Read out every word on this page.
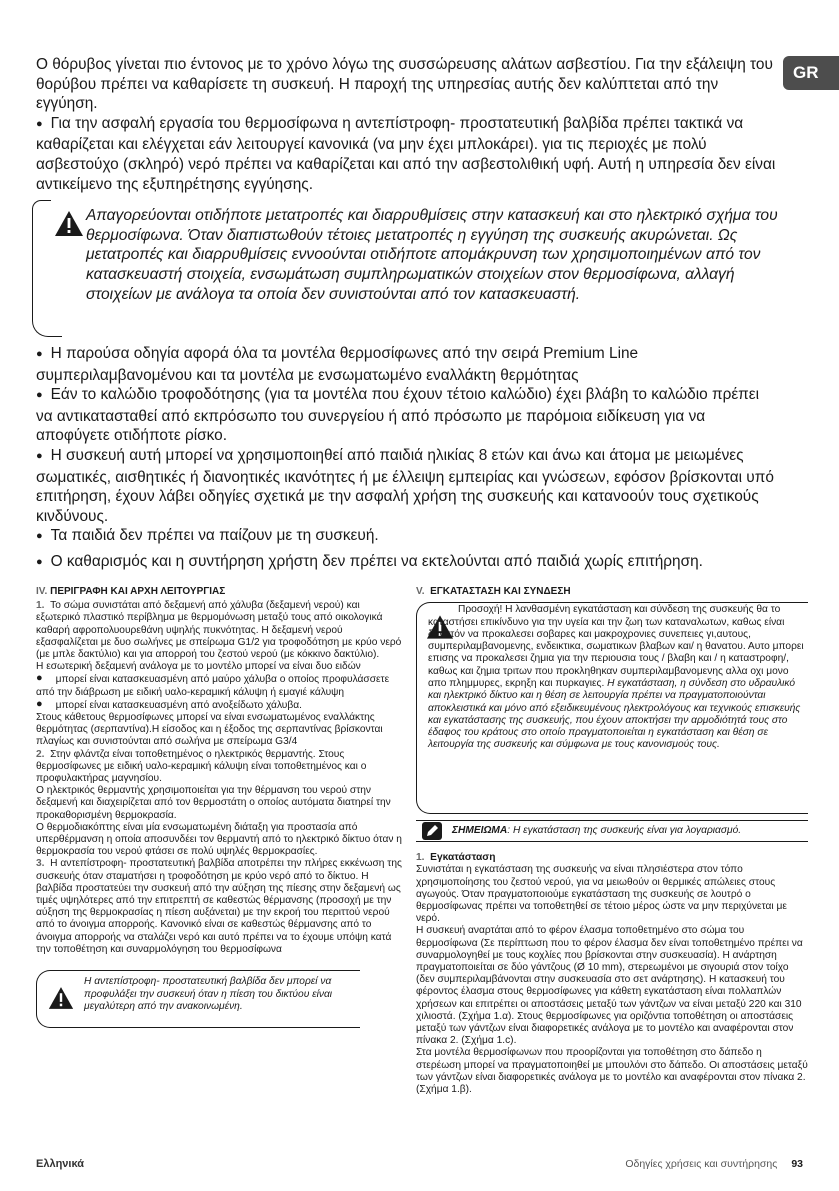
GR

Ο θόρυβος γίνεται πιο έντονος με το χρόνο λόγω της συσσώρευσης αλάτων ασβεστίου. Για την εξάλειψη του θορύβου πρέπει να καθαρίσετε τη συσκευή. Η παροχή της υπηρεσίας αυτής δεν καλύπτεται από την εγγύηση.

● Για την ασφαλή εργασία του θερμοσίφωνα η αντεπίστροφη- προστατευτική βαλβίδα πρέπει τακτικά να καθαρίζεται και ελέγχεται εάν λειτουργεί κανονικά (να μην έχει μπλοκάρει). για τις περιοχές με πολύ ασβεστούχο (σκληρό) νερό πρέπει να καθαρίζεται και από την ασβεστολιθική υφή. Αυτή η υπηρεσία δεν είναι αντικείμενο της εξυπηρέτησης εγγύησης.

Απαγορεύονται οτιδήποτε μετατροπές και διαρρυθμίσεις στην κατασκευή και στο ηλεκτρικό σχήμα του θερμοσίφωνα. Όταν διαπιστωθούν τέτοιες μετατροπές η εγγύηση της συσκευής ακυρώνεται. Ως μετατροπές και διαρρυθμίσεις εννοούνται οτιδήποτε απομάκρυνση των χρησιμοποιημένων από τον κατασκευαστή στοιχεία, ενσωμάτωση συμπληρωματικών στοιχείων στον θερμοσίφωνα, αλλαγή στοιχείων με ανάλογα τα οποία δεν συνιστούνται από τον κατασκευαστή.

● Η παρούσα οδηγία αφορά όλα τα μοντέλα θερμοσίφωνες από την σειρά Premium Line συμπεριλαμβανομένου και τα μοντέλα με ενσωματωμένο εναλλάκτη θερμότητας

● Εάν το καλώδιο τροφοδότησης (για τα μοντέλα που έχουν τέτοιο καλώδιο) έχει βλάβη το καλώδιο πρέπει να αντικατασταθεί από εκπρόσωπο του συνεργείου ή από πρόσωπο με παρόμοια ειδίκευση για να αποφύγετε οτιδήποτε ρίσκο.

● Η συσκευή αυτή μπορεί να χρησιμοποιηθεί από παιδιά ηλικίας 8 ετών και άνω και άτομα με μειωμένες σωματικές, αισθητικές ή διανοητικές ικανότητες ή με έλλειψη εμπειρίας και γνώσεων, εφόσον βρίσκονται υπό επιτήρηση, έχουν λάβει οδηγίες σχετικά με την ασφαλή χρήση της συσκευής και κατανοούν τους σχετικούς κινδύνους.

● Τα παιδιά δεν πρέπει να παίζουν με τη συσκευή.

● Ο καθαρισμός και η συντήρηση χρήστη δεν πρέπει να εκτελούνται από παιδιά χωρίς επιτήρηση.

IV. ΠΕΡΙΓΡΑΦΗ ΚΑΙ ΑΡΧΗ ΛΕΙΤΟΥΡΓΙΑΣ

1. Το σώμα συνιστάται από δεξαμενή από χάλυβα (δεξαμενή νερού) και εξωτερικό πλαστικό περίβλημα με θερμομόνωση μεταξύ τους από οικολογικά καθαρή αφροπολυουρεθάνη υψηλής πυκνότητας. Η δεξαμενή νερού εξασφαλίζεται με δυο σωλήνες με σπείρωμα G1/2 για τροφοδότηση με κρύο νερό (με μπλε δακτύλιο) και για απορροή του ζεστού νερού (με κόκκινο δακτύλιο).

Η εσωτερική δεξαμενή ανάλογα με το μοντέλο μπορεί να είναι δυο ειδών

● μπορεί είναι κατασκευασμένη από μαύρο χάλυβα ο οποίος προφυλάσσετε από την διάβρωση με ειδική υαλο-κεραμική κάλυψη ή εμαγιέ κάλυψη

● μπορεί είναι κατασκευασμένη από ανοξείδωτο χάλυβα.

Στους κάθετους θερμοσίφωνες μπορεί να είναι ενσωματωμένος εναλλάκτης θερμότητας (σερπαντίνα).Η είσοδος και η έξοδος της σερπαντίνας βρίσκονται πλαγίως και συνιστούνται από σωλήνα με σπείρωμα G3/4

2. Στην φλάντζα είναι τοποθετημένος ο ηλεκτρικός θερμαντής. Στους θερμοσίφωνες με ειδική υαλο-κεραμική κάλυψη είναι τοποθετημένος και ο προφυλακτήρας μαγνησίου.

Ο ηλεκτρικός θερμαντής χρησιμοποιείται για την θέρμανση του νερού στην δεξαμενή και διαχειρίζεται από τον θερμοστάτη ο οποίος αυτόματα διατηρεί την προκαθορισμένη θερμοκρασία.

Ο θερμοδιακόπτης είναι μία ενσωματωμένη διάταξη για προστασία από υπερθέρμανση η οποία αποσυνδέει τον θερμαντή από το ηλεκτρικό δίκτυο όταν η θερμοκρασία του νερού φτάσει σε πολύ υψηλές θερμοκρασίες.

3. Η αντεπίστροφη- προστατευτική βαλβίδα αποτρέπει την πλήρες εκκένωση της συσκευής όταν σταματήσει η τροφοδότηση με κρύο νερό από το δίκτυο. Η βαλβίδα προστατεύει την συσκευή από την αύξηση της πίεσης στην δεξαμενή ως τιμές υψηλότερες από την επιτρεπτή σε καθεστώς θέρμανσης (προσοχή με την αύξηση της θερμοκρασίας η πίεση αυξάνεται) με την εκροή του περιττού νερού από το άνοιγμα απορροής. Κανονικό είναι σε καθεστώς θέρμανσης από το άνοιγμα απορροής να σταλάζει νερό και αυτό πρέπει να το έχουμε υπόψη κατά την τοποθέτηση και συναρμολόγηση του θερμοσίφωνα

Η αντεπίστροφη- προστατευτική βαλβίδα δεν μπορεί να προφυλάξει την συσκευή όταν η πίεση του δικτύου είναι μεγαλύτερη από την ανακοινωμένη.
V. ΕΓΚΑΤΑΣΤΑΣΗ ΚΑΙ ΣΥΝΔΕΣΗ
Προσοχή! Η λανθασμένη εγκατάσταση και σύνδεση της συσκευής θα το καταστήσει επικίνδυνο για την υγεία και την ζωη των καταναλωτων, καθως είναι δυνατόν να προκαλεσει σοβαρες και μακροχρονιες συνεπειες γι,αυτους, συμπεριλαμβανομενης, ενδεικτικα, σωματικων βλαβων και/ η θανατου. Αυτο μπορει επισης να προκαλεσει ζημια για την περιουσια τους / βλαβη και / η καταστροφη/, καθως και ζημια τριτων που προκληθηκαν συμπεριλαμβανομενης αλλα οχι μονο απο πλημμυρες, εκρηξη και πυρκαγιες. Η εγκατάσταση, η σύνδεση στο υδραυλικό και ηλεκτρικό δίκτυο και η θέση σε λειτουργία πρέπει να πραγματοποιούνται αποκλειστικά και μόνο από εξειδικευμένους ηλεκτρολόγους και τεχνικούς επισκευής και εγκατάστασης της συσκευής, που έχουν αποκτήσει την αρμοδιότητά τους στο έδαφος του κράτους στο οποίο πραγματοποιείται η εγκατάσταση και θέση σε λειτουργία της συσκευής και σύμφωνα με τους κανονισμούς τους.
ΣΗΜΕΙΩΜΑ: Η εγκατάσταση της συσκευής είναι για λογαριασμό.
1. Εγκατάσταση

Συνιστάται η εγκατάσταση της συσκευής να είναι πλησιέστερα στον τόπο χρησιμοποίησης του ζεστού νερού, για να μειωθούν οι θερμικές απώλειες στους αγωγούς. Όταν πραγματοποιούμε εγκατάσταση της συσκευής σε λουτρό ο θερμοσίφωνας πρέπει να τοποθετηθεί σε τέτοιο μέρος ώστε να μην περιχύνεται με νερό.

Η συσκευή αναρτάται από το φέρον έλασμα τοποθετημένο στο σώμα του θερμοσίφωνα (Σε περίπτωση που το φέρον έλασμα δεν είναι τοποθετημένο πρέπει να συναρμολογηθεί με τους κοχλίες που βρίσκονται στην συσκευασία). Η ανάρτηση πραγματοποιείται σε δύο γάντζους (Ø 10 mm), στερεωμένοι με σιγουριά στον τοίχο (δεν συμπεριλαμβάνονται στην συσκευασία στο σετ ανάρτησης). Η κατασκευή του φέροντος έλασμα στους θερμοσίφωνες για κάθετη εγκατάσταση είναι πολλαπλών χρήσεων και επιτρέπει οι αποστάσεις μεταξύ των γάντζων να είναι μεταξύ 220 και 310 χιλιοστά. (Σχήμα 1.α). Στους θερμοσίφωνες για οριζόντια τοποθέτηση οι αποστάσεις μεταξύ των γάντζων είναι διαφορετικές ανάλογα με το μοντέλο και αναφέρονται στον πίνακα 2. (Σχήμα 1.c).

Στα μοντέλα θερμοσίφωνων που προορίζονται για τοποθέτηση στο δάπεδο η στερέωση μπορεί να πραγματοποιηθεί με μπουλόνι στο δάπεδο. Οι αποστάσεις μεταξύ των γάντζων είναι διαφορετικές ανάλογα με το μοντέλο και αναφέρονται στον πίνακα 2. (Σχήμα 1.β).

Ελληνικά	Οδηγίες χρήσεις και συντήρησης 93
